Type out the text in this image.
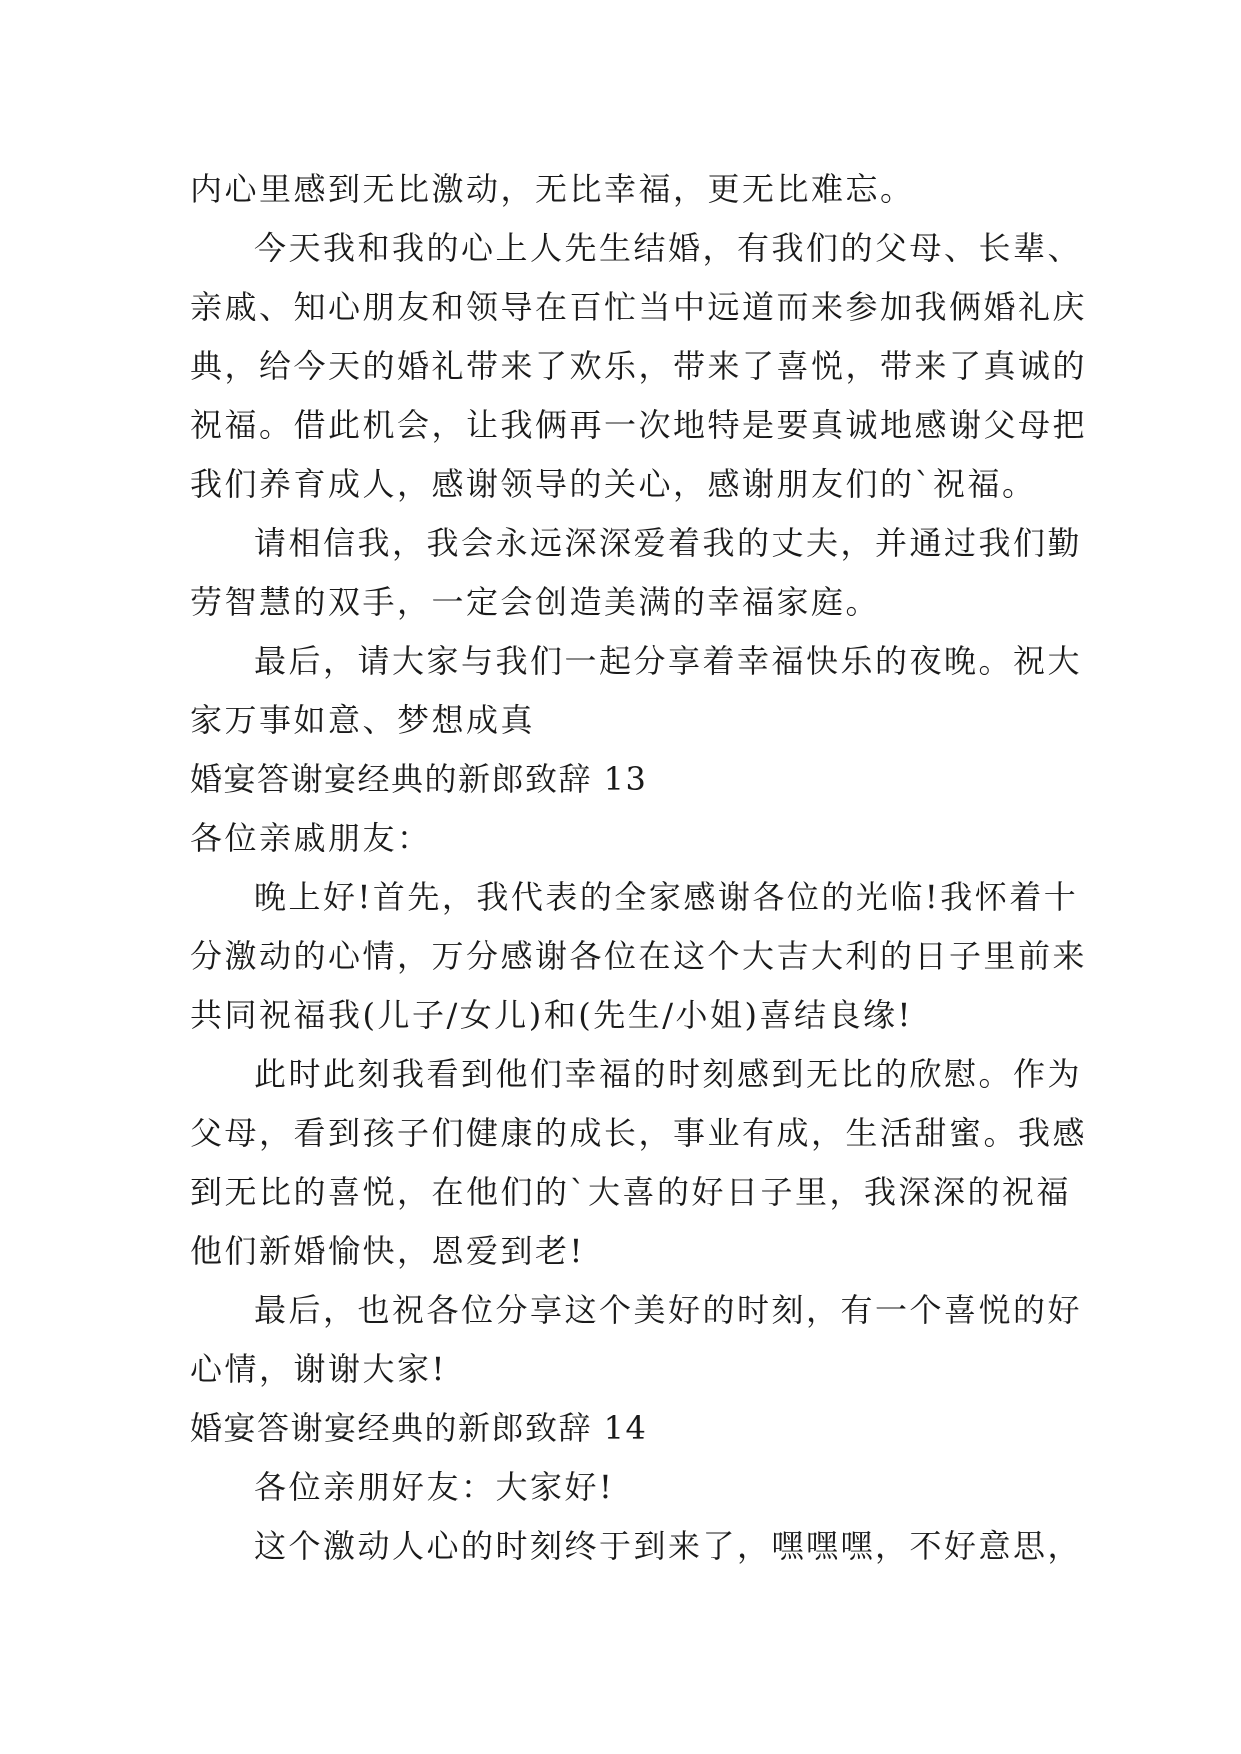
内心里感到无比激动，无比幸福，更无比难忘。
今天我和我的心上人先生结婚，有我们的父母、长辈、
亲戚、知心朋友和领导在百忙当中远道而来参加我俩婚礼庆
典，给今天的婚礼带来了欢乐，带来了喜悦，带来了真诚的
祝福。借此机会，让我俩再一次地特是要真诚地感谢父母把
我们养育成人，感谢领导的关心，感谢朋友们的`祝福。
请相信我，我会永远深深爱着我的丈夫，并通过我们勤
劳智慧的双手，一定会创造美满的幸福家庭。
最后，请大家与我们一起分享着幸福快乐的夜晚。祝大
家万事如意、梦想成真
婚宴答谢宴经典的新郎致辞 13
各位亲戚朋友：
晚上好!首先，我代表的全家感谢各位的光临!我怀着十
分激动的心情，万分感谢各位在这个大吉大利的日子里前来
共同祝福我(儿子/女儿)和(先生/小姐)喜结良缘!
此时此刻我看到他们幸福的时刻感到无比的欣慰。作为
父母，看到孩子们健康的成长，事业有成，生活甜蜜。我感
到无比的喜悦，在他们的`大喜的好日子里，我深深的祝福
他们新婚愉快，恩爱到老!
最后，也祝各位分享这个美好的时刻，有一个喜悦的好
心情，谢谢大家!
婚宴答谢宴经典的新郎致辞 14
各位亲朋好友：大家好!
这个激动人心的时刻终于到来了，嘿嘿嘿，不好意思，
